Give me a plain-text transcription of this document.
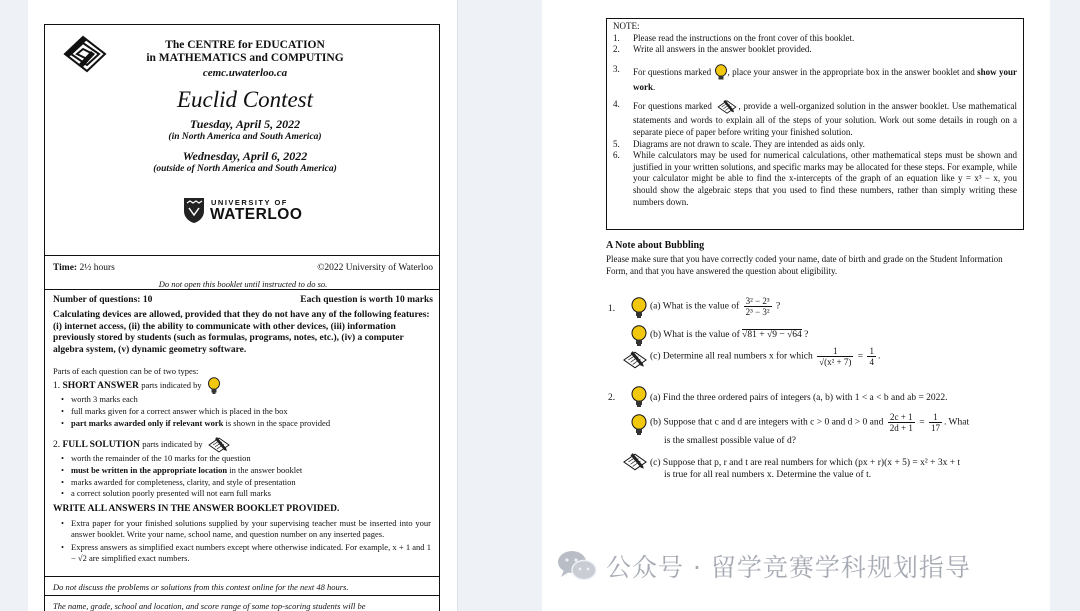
The CENTRE for EDUCATION
in MATHEMATICS and COMPUTING
cemc.uwaterloo.ca
Euclid Contest
Tuesday, April 5, 2022
(in North America and South America)
Wednesday, April 6, 2022
(outside of North America and South America)
UNIVERSITY OF
WATERLOO
Time: 2½ hours	©2022 University of Waterloo
Do not open this booklet until instructed to do so.
Number of questions: 10	Each question is worth 10 marks
Calculating devices are allowed, provided that they do not have any of the following features: (i) internet access, (ii) the ability to communicate with other devices, (iii) information previously stored by students (such as formulas, programs, notes, etc.), (iv) a computer algebra system, (v) dynamic geometry software.
Parts of each question can be of two types:
1. SHORT ANSWER parts indicated by
• worth 3 marks each
• full marks given for a correct answer which is placed in the box
• part marks awarded only if relevant work is shown in the space provided
2. FULL SOLUTION parts indicated by
• worth the remainder of the 10 marks for the question
• must be written in the appropriate location in the answer booklet
• marks awarded for completeness, clarity, and style of presentation
• a correct solution poorly presented will not earn full marks
WRITE ALL ANSWERS IN THE ANSWER BOOKLET PROVIDED.
• Extra paper for your finished solutions supplied by your supervising teacher must be inserted into your answer booklet. Write your name, school name, and question number on any inserted pages.
• Express answers as simplified exact numbers except where otherwise indicated. For example, x + 1 and 1 − √2 are simplified exact numbers.
Do not discuss the problems or solutions from this contest online for the next 48 hours.
The name, grade, school and location, and score range of some top-scoring students will be
NOTE:
1. Please read the instructions on the front cover of this booklet.
2. Write all answers in the answer booklet provided.
3. For questions marked , place your answer in the appropriate box in the answer booklet and show your work.
4. For questions marked	, provide a well-organized solution in the answer booklet. Use mathematical statements and words to explain all of the steps of your solution. Work out some details in rough on a separate piece of paper before writing your finished solution.
5. Diagrams are not drawn to scale. They are intended as aids only.
6. While calculators may be used for numerical calculations, other mathematical steps must be shown and justified in your written solutions, and specific marks may be allocated for these steps. For example, while your calculator might be able to find the x-intercepts of the graph of an equation like y = x³ − x, you should show the algebraic steps that you used to find these numbers, rather than simply writing these numbers down.
A Note about Bubbling
Please make sure that you have correctly coded your name, date of birth and grade on the Student Information Form, and that you have answered the question about eligibility.
1.	(a) What is the value of $\frac{\text{3² − 2³}}{\text{2³ − 3²}}$ ?
(b) What is the value of √81 + √9 − √64 ?
(c) Determine all real numbers x for which $\frac{1}{\text{√(x² + 7)}} = \frac{1}{4}$ .
2.	(a) Find the three ordered pairs of integers (a, b) with 1 < a < b and ab = 2022.
(b) Suppose that c and d are integers with c > 0 and d > 0 and $\frac{2c + 1}{2d + 1} = \frac{1}{17}$ . What
is the smallest possible value of d?
(c) Suppose that p, r and t are real numbers for which (px + r)(x + 5) = x² + 3x + t
is true for all real numbers x. Determine the value of t.
公众号 · 留学竞赛学科规划指导
